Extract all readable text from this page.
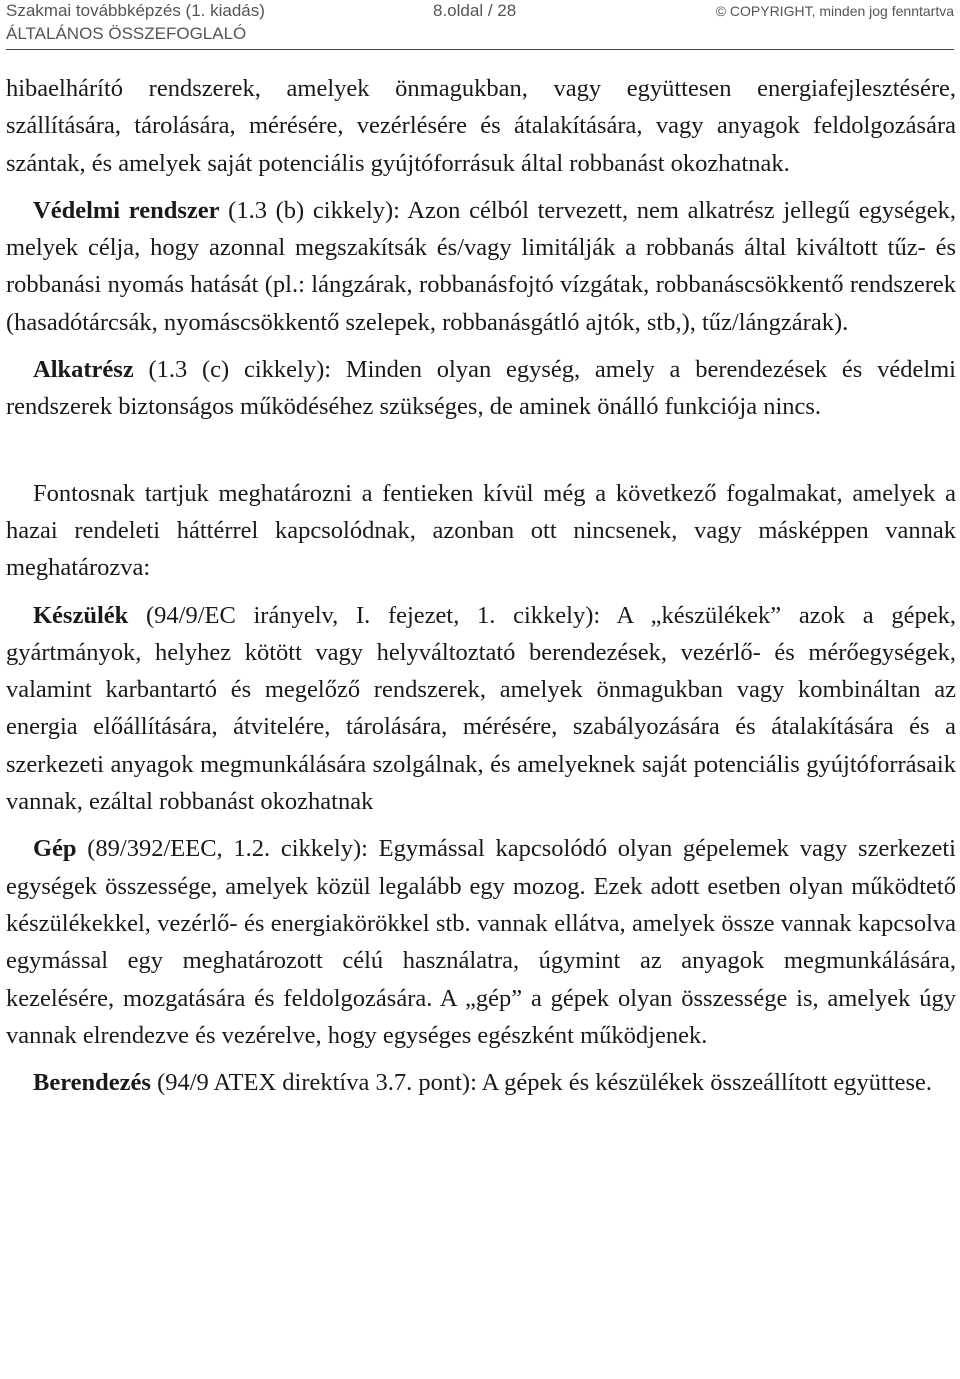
Szakmai továbbképzés (1. kiadás)	8.oldal / 28	© COPYRIGHT, minden jog fenntartva
ÁLTALÁNOS ÖSSZEFOGLALÓ

hibaelhárító rendszerek, amelyek önmagukban, vagy együttesen energiafejlesztésére, szállítására, tárolására, mérésére, vezérlésére és átalakítására, vagy anyagok feldolgozására szántak, és amelyek saját potenciális gyújtóforrásuk által robbanást okozhatnak.

Védelmi rendszer (1.3 (b) cikkely): Azon célból tervezett, nem alkatrész jellegű egységek, melyek célja, hogy azonnal megszakítsák és/vagy limitálják a robbanás által kiváltott tűz- és robbanási nyomás hatását (pl.: lángzárak, robbanásfojtó vízgátak, robbanáscsökkentő rendszerek (hasadótárcsák, nyomáscsökkentő szelepek, robbanásgátló ajtók, stb,), tűz/lángzárak).

Alkatrész (1.3 (c) cikkely): Minden olyan egység, amely a berendezések és védelmi rendszerek biztonságos működéséhez szükséges, de aminek önálló funkciója nincs.

Fontosnak tartjuk meghatározni a fentieken kívül még a következő fogalmakat, amelyek a hazai rendeleti háttérrel kapcsolódnak, azonban ott nincsenek, vagy másképpen vannak meghatározva:

Készülék (94/9/EC irányelv, I. fejezet, 1. cikkely): A „készülékek” azok a gépek, gyártmányok, helyhez kötött vagy helyváltoztató berendezések, vezérlő- és mérőegységek, valamint karbantartó és megelőző rendszerek, amelyek önmagukban vagy kombináltan az energia előállítására, átvitelére, tárolására, mérésére, szabályozására és átalakítására és a szerkezeti anyagok megmunkálására szolgálnak, és amelyeknek saját potenciális gyújtóforrásaik vannak, ezáltal robbanást okozhatnak

Gép (89/392/EEC, 1.2. cikkely): Egymással kapcsolódó olyan gépelemek vagy szerkezeti egységek összessége, amelyek közül legalább egy mozog. Ezek adott esetben olyan működtető készülékekkel, vezérlő- és energiakörökkel stb. vannak ellátva, amelyek össze vannak kapcsolva egymással egy meghatározott célú használatra, úgymint az anyagok megmunkálására, kezelésére, mozgatására és feldolgozására. A „gép” a gépek olyan összessége is, amelyek úgy vannak elrendezve és vezérelve, hogy egységes egészként működjenek.

Berendezés (94/9 ATEX direktíva 3.7. pont): A gépek és készülékek összeállított együttese.
